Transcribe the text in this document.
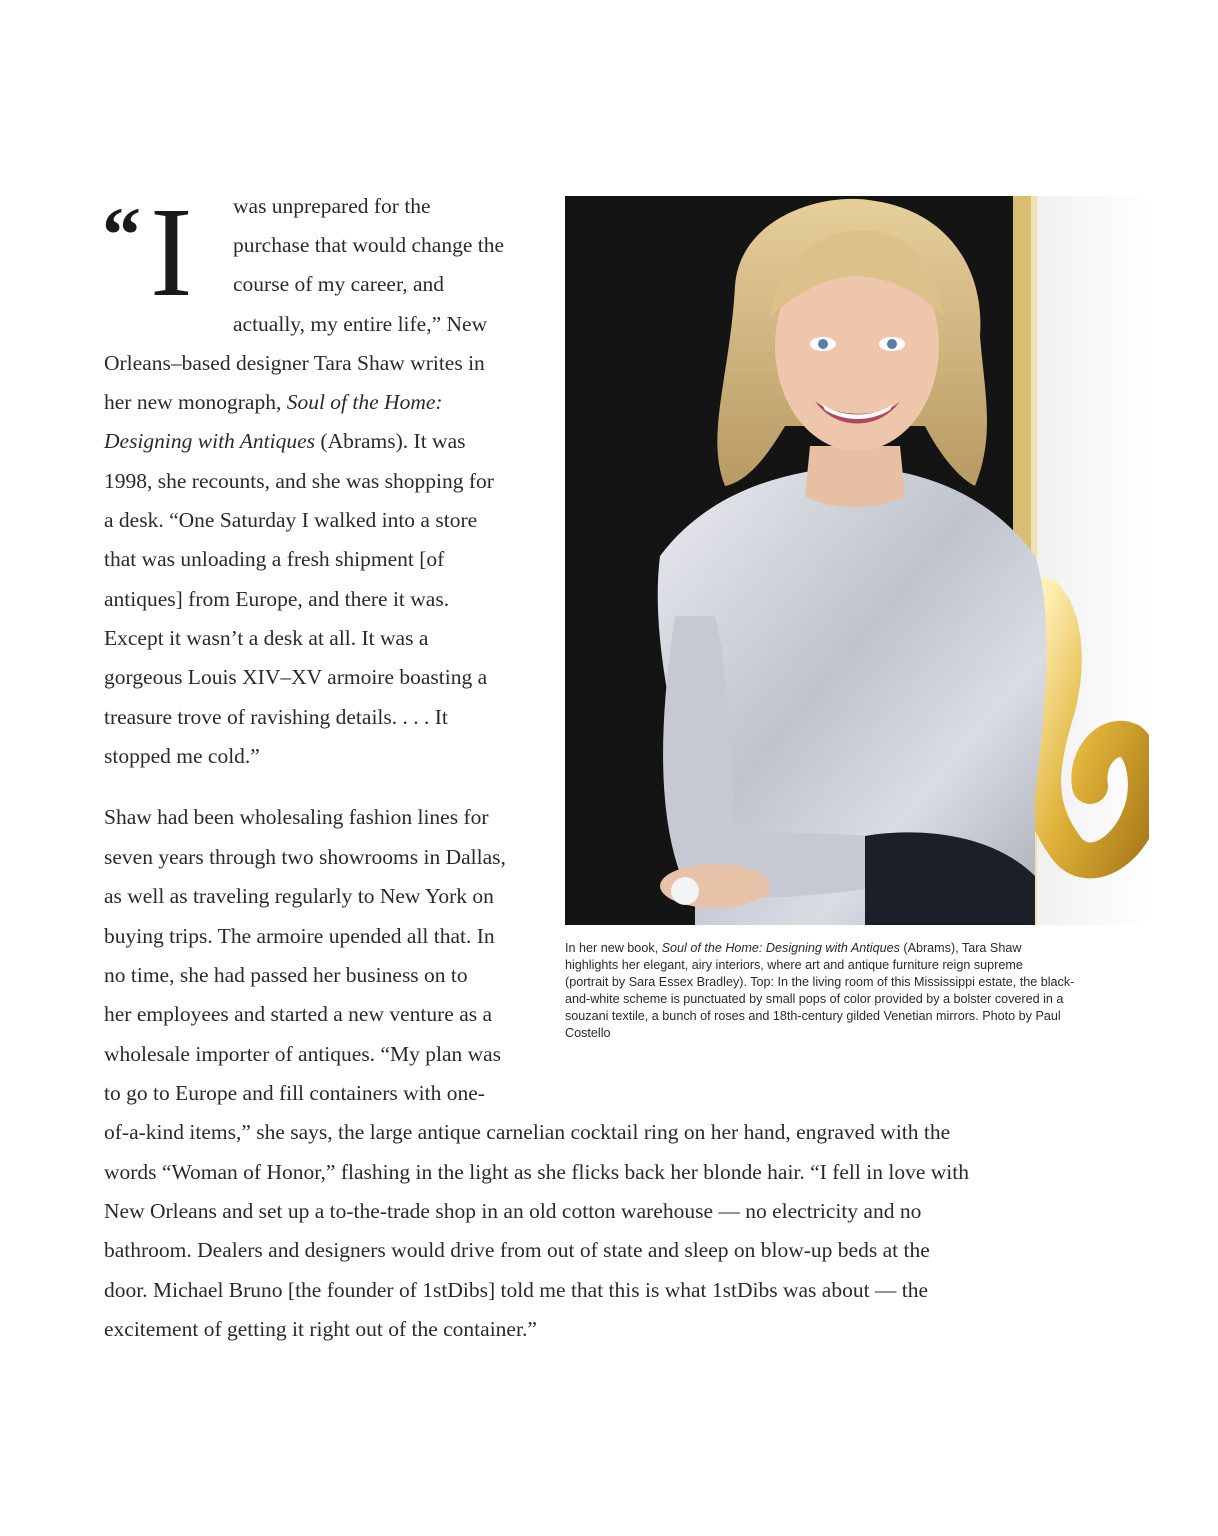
“ I was unprepared for the
purchase that would change the
course of my career, and
actually, my entire life,” New
Orleans–based designer Tara Shaw writes in
her new monograph, Soul of the Home:
Designing with Antiques (Abrams). It was
1998, she recounts, and she was shopping for
a desk. “One Saturday I walked into a store
that was unloading a fresh shipment [of
antiques] from Europe, and there it was.
Except it wasn’t a desk at all. It was a
gorgeous Louis XIV–XV armoire boasting a
treasure trove of ravishing details. . . . It
stopped me cold.”
Shaw had been wholesaling fashion lines for
seven years through two showrooms in Dallas,
as well as traveling regularly to New York on
buying trips. The armoire upended all that. In
no time, she had passed her business on to
her employees and started a new venture as a
wholesale importer of antiques. “My plan was
to go to Europe and fill containers with one-
of-a-kind items,” she says, the large antique carnelian cocktail ring on her hand, engraved with the
words “Woman of Honor,” flashing in the light as she flicks back her blonde hair. “I fell in love with
New Orleans and set up a to-the-trade shop in an old cotton warehouse — no electricity and no
bathroom. Dealers and designers would drive from out of state and sleep on blow-up beds at the
door. Michael Bruno [the founder of 1stDibs] told me that this is what 1stDibs was about — the
excitement of getting it right out of the container.”
In her new book, Soul of the Home: Designing with Antiques (Abrams), Tara Shaw
highlights her elegant, airy interiors, where art and antique furniture reign supreme
(portrait by Sara Essex Bradley). Top: In the living room of this Mississippi estate, the black-
and-white scheme is punctuated by small pops of color provided by a bolster covered in a
souzani textile, a bunch of roses and 18th-century gilded Venetian mirrors. Photo by Paul
Costello
